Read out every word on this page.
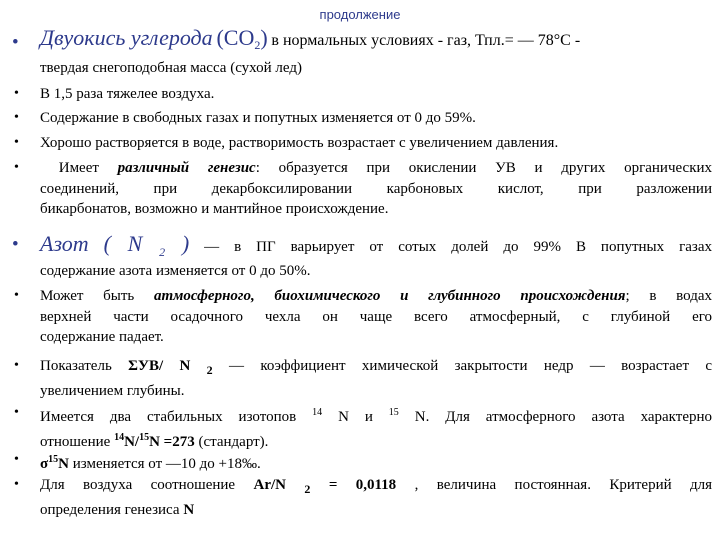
продолжение
• Двуокись углерода $(CO_2)$ в нормальных условиях - газ, Тпл.= — 78°С -
твердая снегоподобная масса (сухой лед)
• В 1,5 раза тяжелее воздуха.
• Содержание в свободных газах и попутных изменяется от 0 до 59%.
• Хорошо растворяется в воде, растворимость возрастает с увеличением давления.
•	Имеет различный генезис: образуется при окислении УВ и других органических
соединений, при декарбоксилировании карбоновых кислот, при разложении
бикарбонатов, возможно и мантийное происхождение.
• Азот ( N $_2$ ) — в ПГ варьирует от сотых долей до 99% В попутных газах
содержание азота изменяется от 0 до 50%.
• Может быть атмосферного, биохимического и глубинного происхождения; в водах
верхней части осадочного чехла он чаще всего атмосферный, с глубиной его
содержание падает.
• Показатель ΣУВ/ N $_2$ — коэффициент химической закрытости недр — возрастает с
увеличением глубины.
• Имеется два стабильных изотопов $^{14}$ N и $^{15}$ N. Для атмосферного азота характерно
отношение $^{14}$N/$^{15}$N =273 (стандарт).
• $\sigma^{15}N$ изменяется от —10 до +18‰.
• Для воздуха соотношение Ar/N $_2$ = 0,0118 , величина постоянная. Критерий для
определения генезиса N
